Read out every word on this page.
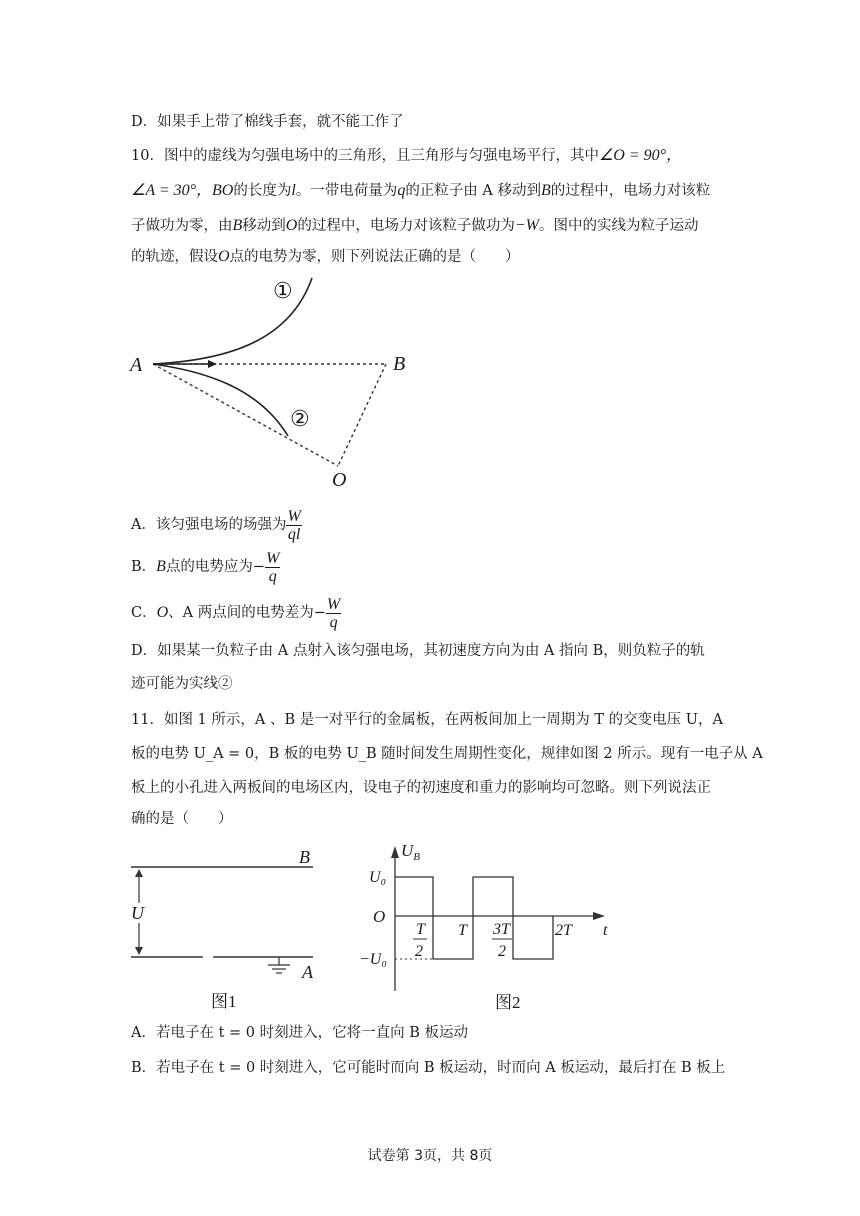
D．如果手上带了棉线手套，就不能工作了
10．图中的虚线为匀强电场中的三角形，且三角形与匀强电场平行，其中∠O = 90°，
∠A = 30°，BO的长度为l。一带电荷量为q的正粒子由 A 移动到B的过程中，电场力对该粒
子做功为零，由B移动到O的过程中，电场力对该粒子做功为−W。图中的实线为粒子运动
的轨迹，假设O点的电势为零，则下列说法正确的是（　　）
A	B
O
①
②
A．该匀强电场的场强为 $\frac{W}{ql}$
B．B点的电势应为− $\frac{W}{q}$
C．O、A 两点间的电势差为− $\frac{W}{q}$
D．如果某一负粒子由 A 点射入该匀强电场，其初速度方向为由 A 指向 B，则负粒子的轨
迹可能为实线②
11．如图 1 所示，A 、B 是一对平行的金属板，在两板间加上一周期为 T 的交变电压 U，A
板的电势 U_A = 0，B 板的电势 U_B 随时间发生周期性变化，规律如图 2 所示。现有一电子从 A
板上的小孔进入两板间的电场区内，设电子的初速度和重力的影响均可忽略。则下列说法正
确的是（　　）
U
B
A
图1
$U_B$
U₀
O
−U₀
T
2
T 3T
2
2T t
图2
A．若电子在 t = 0 时刻进入，它将一直向 B 板运动
B．若电子在 t = 0 时刻进入，它可能时而向 B 板运动，时而向 A 板运动，最后打在 B 板上
试卷第 3页，共 8页
